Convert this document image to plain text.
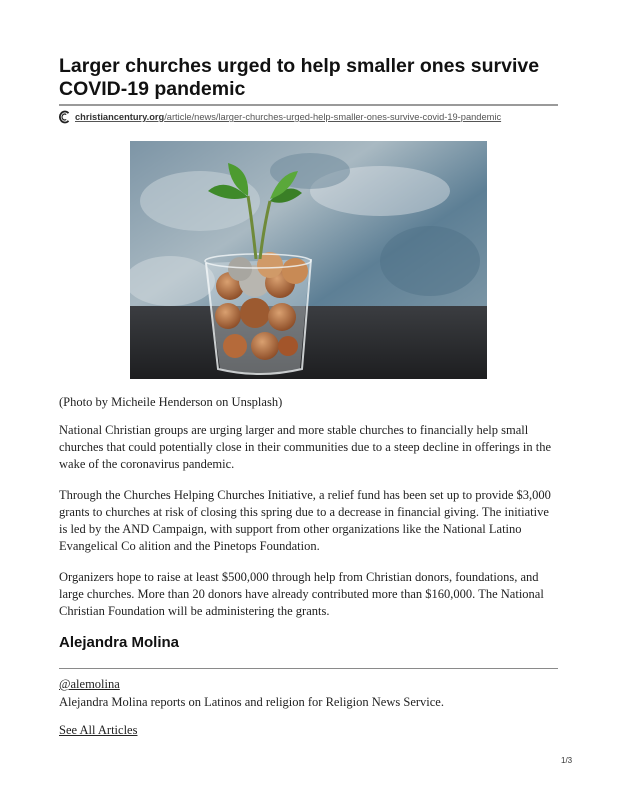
Larger churches urged to help smaller ones survive COVID-19 pandemic
christiancentury.org/article/news/larger-churches-urged-help-smaller-ones-survive-covid-19-pandemic

(Photo by Micheile Henderson on Unsplash)

National Christian groups are urging larger and more stable churches to financially help small churches that could potentially close in their communities due to a steep decline in offerings in the wake of the coronavirus pandemic.

Through the Churches Helping Churches Initiative, a relief fund has been set up to provide $3,000 grants to churches at risk of closing this spring due to a decrease in financial giving. The initiative is led by the AND Campaign, with support from other organizations like the National Latino Evangelical Co alition and the Pinetops Foundation.

Organizers hope to raise at least $500,000 through help from Christian donors, foundations, and large churches. More than 20 donors have already contributed more than $160,000. The National Christian Foundation will be administering the grants.

Alejandra Molina
@alemolina

Alejandra Molina reports on Latinos and religion for Religion News Service.

See All Articles
1/3
